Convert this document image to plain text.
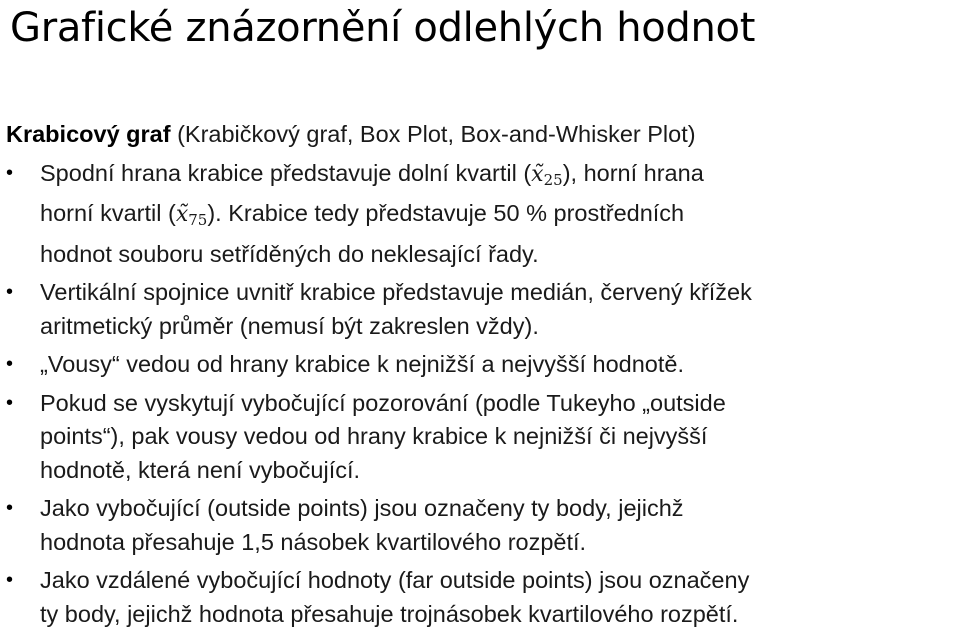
Grafické znázornění odlehlých hodnot

Krabicový graf (Krabičkový graf, Box Plot, Box-and-Whisker Plot)

•	Spodní hrana krabice představuje dolní kvartil $(x̃_{25})$, horní hrana
horní kvartil $(x̃_{75})$. Krabice tedy představuje 50 % prostředních
hodnot souboru setříděných do neklesající řady.
•	Vertikální spojnice uvnitř krabice představuje medián, červený křížek
aritmetický průměr (nemusí být zakreslen vždy).
•	„Vousy“ vedou od hrany krabice k nejnižší a nejvyšší hodnotě.
•	Pokud se vyskytují vybočující pozorování (podle Tukeyho „outside
points“), pak vousy vedou od hrany krabice k nejnižší či nejvyšší
hodnotě, která není vybočující.
•	Jako vybočující (outside points) jsou označeny ty body, jejichž
hodnota přesahuje 1,5 násobek kvartilového rozpětí.
•	Jako vzdálené vybočující hodnoty (far outside points) jsou označeny
ty body, jejichž hodnota přesahuje trojnásobek kvartilového rozpětí.
